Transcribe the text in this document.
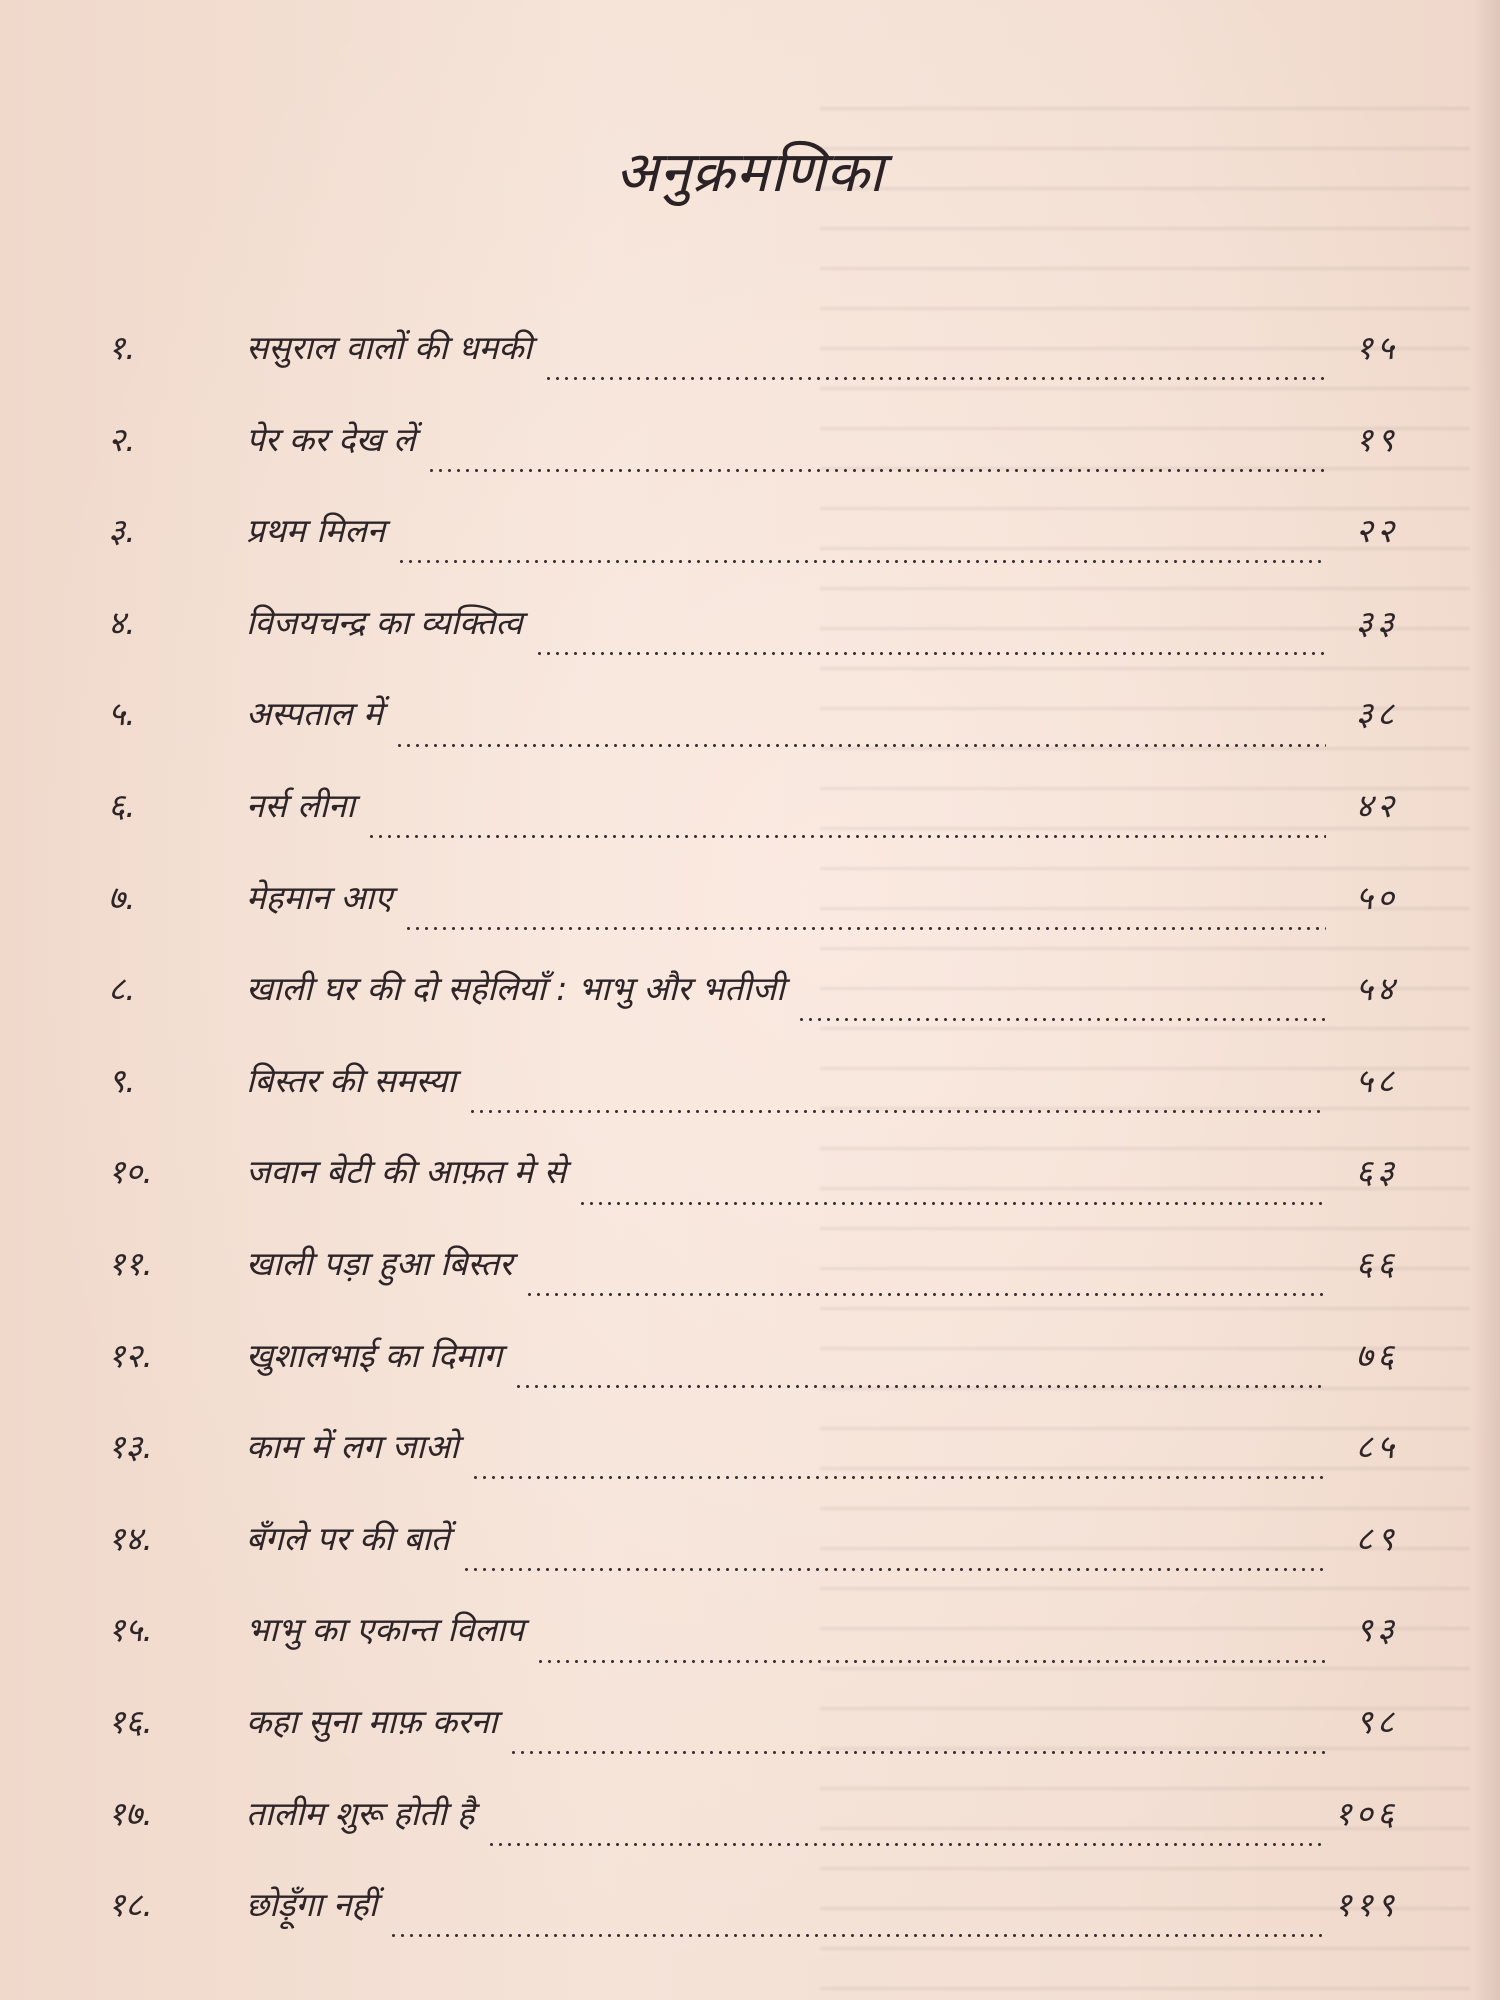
अनुक्रमणिका
१.	ससुराल वालों की धमकी	१५
२.	पेर कर देख लें	१९
३.	प्रथम मिलन	२२
४.	विजयचन्द्र का व्यक्तित्व	३३
५.	अस्पताल में	३८
६.	नर्स लीना	४२
७.	मेहमान आए	५०
८.	खाली घर की दो सहेलियाँ : भाभु और भतीजी	५४
९.	बिस्तर की समस्या	५८
१०.	जवान बेटी की आफ़त मे से	६३
११.	खाली पड़ा हुआ बिस्तर	६६
१२.	खुशालभाई का दिमाग	७६
१३.	काम में लग जाओ	८५
१४.	बँगले पर की बातें	८९
१५.	भाभु का एकान्त विलाप	९३
१६.	कहा सुना माफ़ करना	९८
१७.	तालीम शुरू होती है	१०६
१८.	छोड़ूँगा नहीं	११९
